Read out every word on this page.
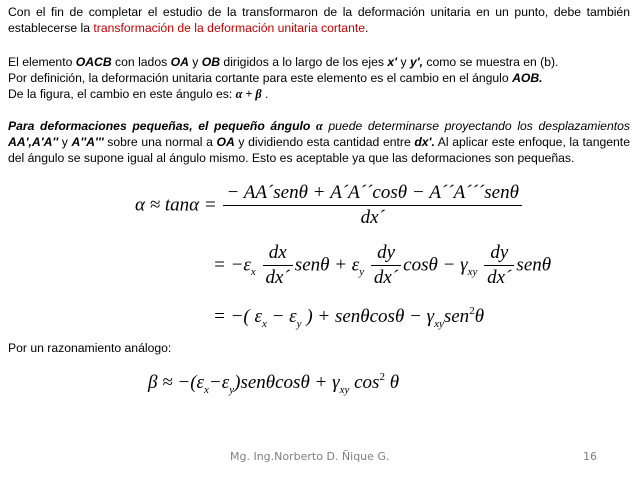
Con el fin de completar el estudio de la transformaron de la deformación unitaria en un punto, debe también establecerse la transformación de la deformación unitaria cortante.
El elemento OACB con lados OA y OB dirigidos a lo largo de los ejes x' y y', como se muestra en (b).
Por definición, la deformación unitaria cortante para este elemento es el cambio en el ángulo AOB.
De la figura, el cambio en este ángulo es: α + β .
Para deformaciones pequeñas, el pequeño ángulo α puede determinarse proyectando los desplazamientos AA',A'A'' y A''A''' sobre una normal a OA y dividiendo esta cantidad entre dx'. Al aplicar este enfoque, la tangente del ángulo se supone igual al ángulo mismo. Esto es aceptable ya que las deformaciones son pequeñas.
$\alpha \approx \tan\alpha = \frac{\text{− AA´senθ + A´A´´cosθ − A´´A´´´senθ}}{dx´}$
= $-\varepsilon_x \frac{dx}{dx´}$ $sen\theta + \varepsilon_y \frac{dy}{dx´}$ $\cos\theta - \gamma_{xy} \frac{dy}{dx´}$ senθ
= −( $\varepsilon_x - \varepsilon_y$ ) + $sen\theta\cos\theta - \gamma_{xy}sen^2\theta$
Por un razonamiento análogo:
$\beta \approx -(\varepsilon_x-\varepsilon_y)sen\theta\cos\theta + \gamma_{xy}$ $\cos^2 \theta$
Mg. Ing.Norberto D. Ñique G.	16
